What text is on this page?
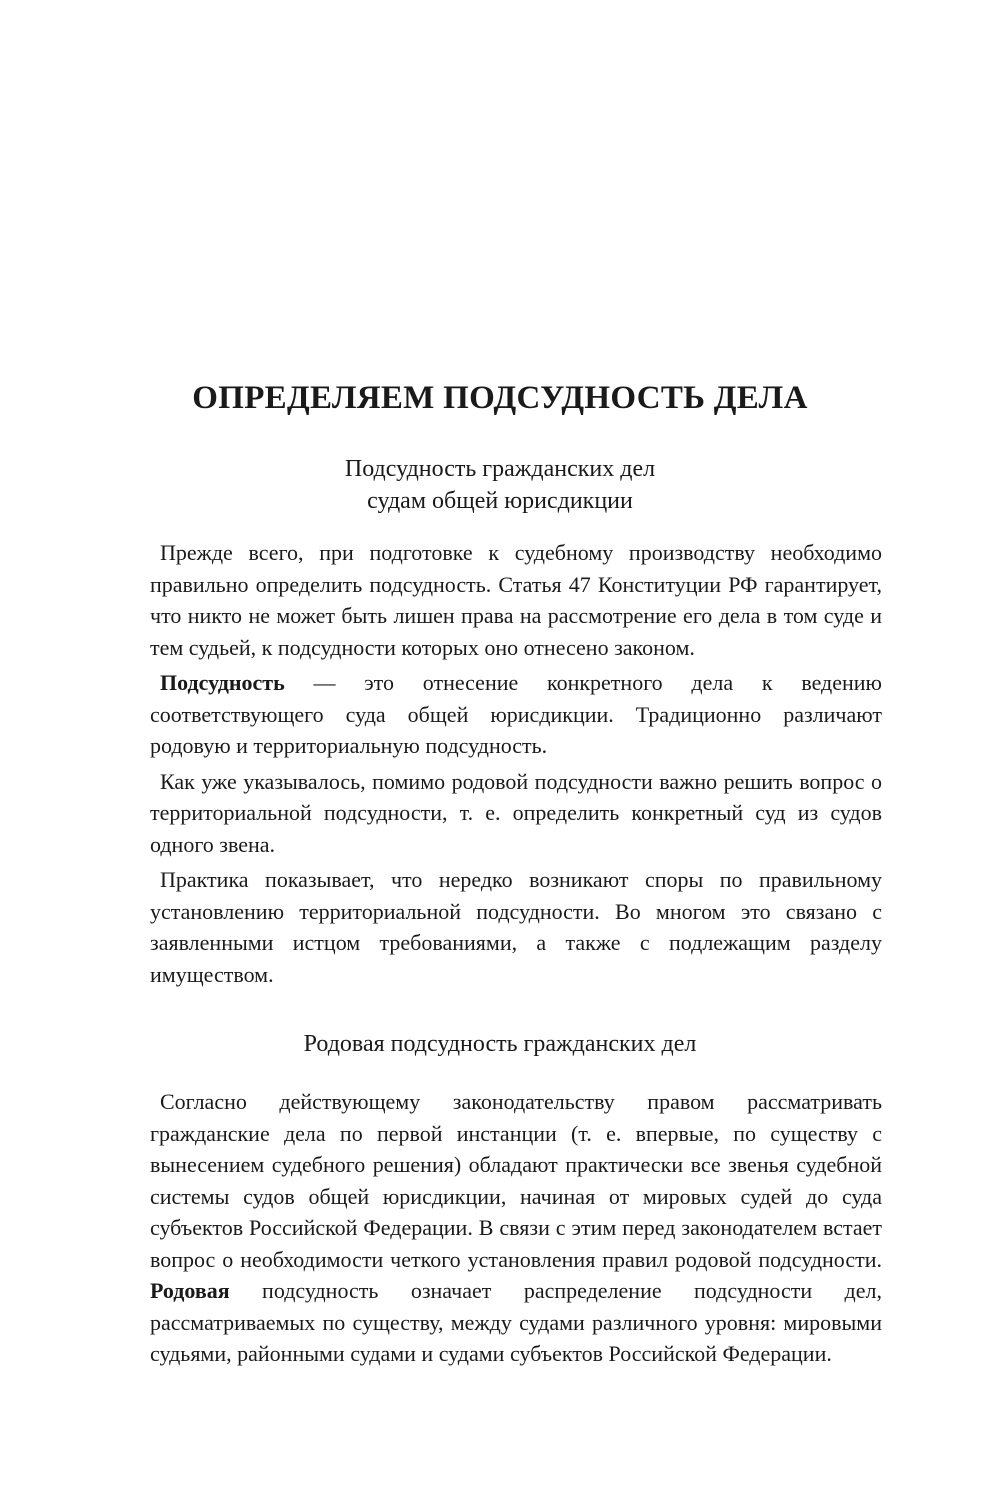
ОПРЕДЕЛЯЕМ ПОДСУДНОСТЬ ДЕЛА
Подсудность гражданских дел
судам общей юрисдикции

Прежде всего, при подготовке к судебному производству необходимо правильно определить подсудность. Статья 47 Конституции РФ гарантирует, что никто не может быть лишен права на рассмотрение его дела в том суде и тем судьей, к подсудности которых оно отнесено законом.

Подсудность — это отнесение конкретного дела к ведению соответствующего суда общей юрисдикции. Традиционно различают родовую и территориальную подсудность.

Как уже указывалось, помимо родовой подсудности важно решить вопрос о территориальной подсудности, т. е. определить конкретный суд из судов одного звена.

Практика показывает, что нередко возникают споры по правильному установлению территориальной подсудности. Во многом это связано с заявленными истцом требованиями, а также с подлежащим разделу имуществом.

Родовая подсудность гражданских дел

Согласно действующему законодательству правом рассматривать гражданские дела по первой инстанции (т. е. впервые, по существу с вынесением судебного решения) обладают практически все звенья судебной системы судов общей юрисдикции, начиная от мировых судей до суда субъектов Российской Федерации. В связи с этим перед законодателем встает вопрос о необходимости четкого установления правил родовой подсудности. Родовая подсудность означает распределение подсудности дел, рассматриваемых по существу, между судами различного уровня: мировыми судьями, районными судами и судами субъектов Российской Федерации.
